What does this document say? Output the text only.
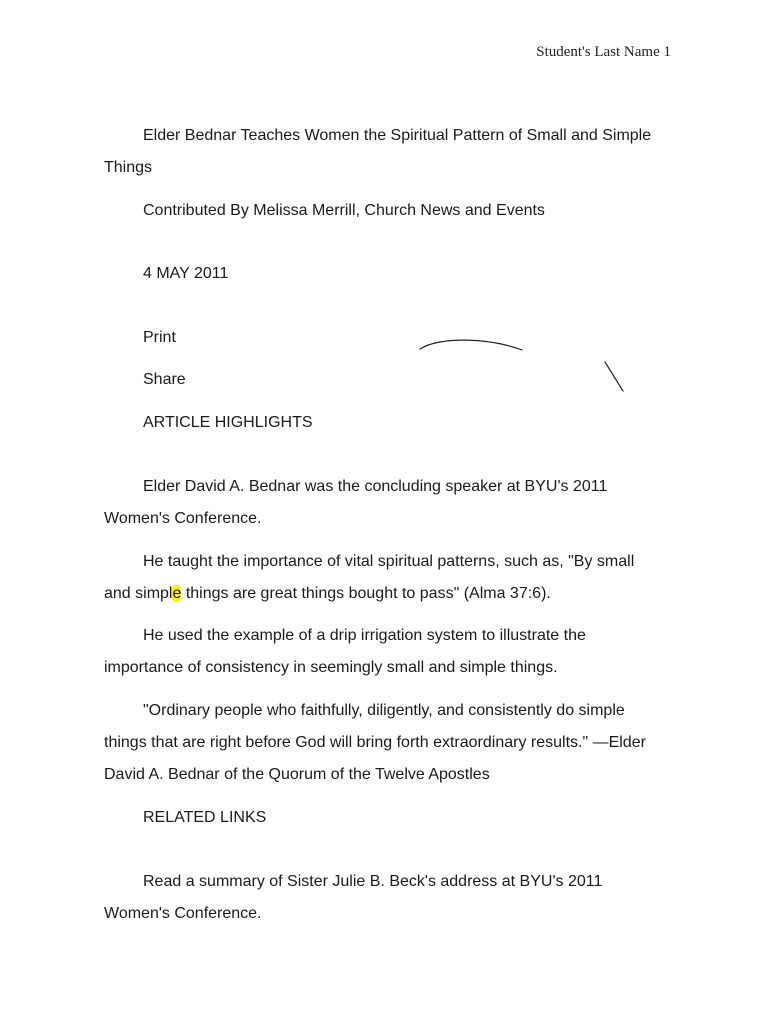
Student's Last Name 1

Elder Bednar Teaches Women the Spiritual Pattern of Small and Simple
Things

Contributed By Melissa Merrill, Church News and Events

4 MAY 2011

Print

Share

ARTICLE HIGHLIGHTS

Elder David A. Bednar was the concluding speaker at BYU's 2011 Women's Conference.

He taught the importance of vital spiritual patterns, such as, "By small and simple things are great things bought to pass" (Alma 37:6).

He used the example of a drip irrigation system to illustrate the importance of consistency in seemingly small and simple things.

"Ordinary people who faithfully, diligently, and consistently do simple things that are right before God will bring forth extraordinary results." —Elder David A. Bednar of the Quorum of the Twelve Apostles

RELATED LINKS

Read a summary of Sister Julie B. Beck's address at BYU's 2011 Women's Conference.
